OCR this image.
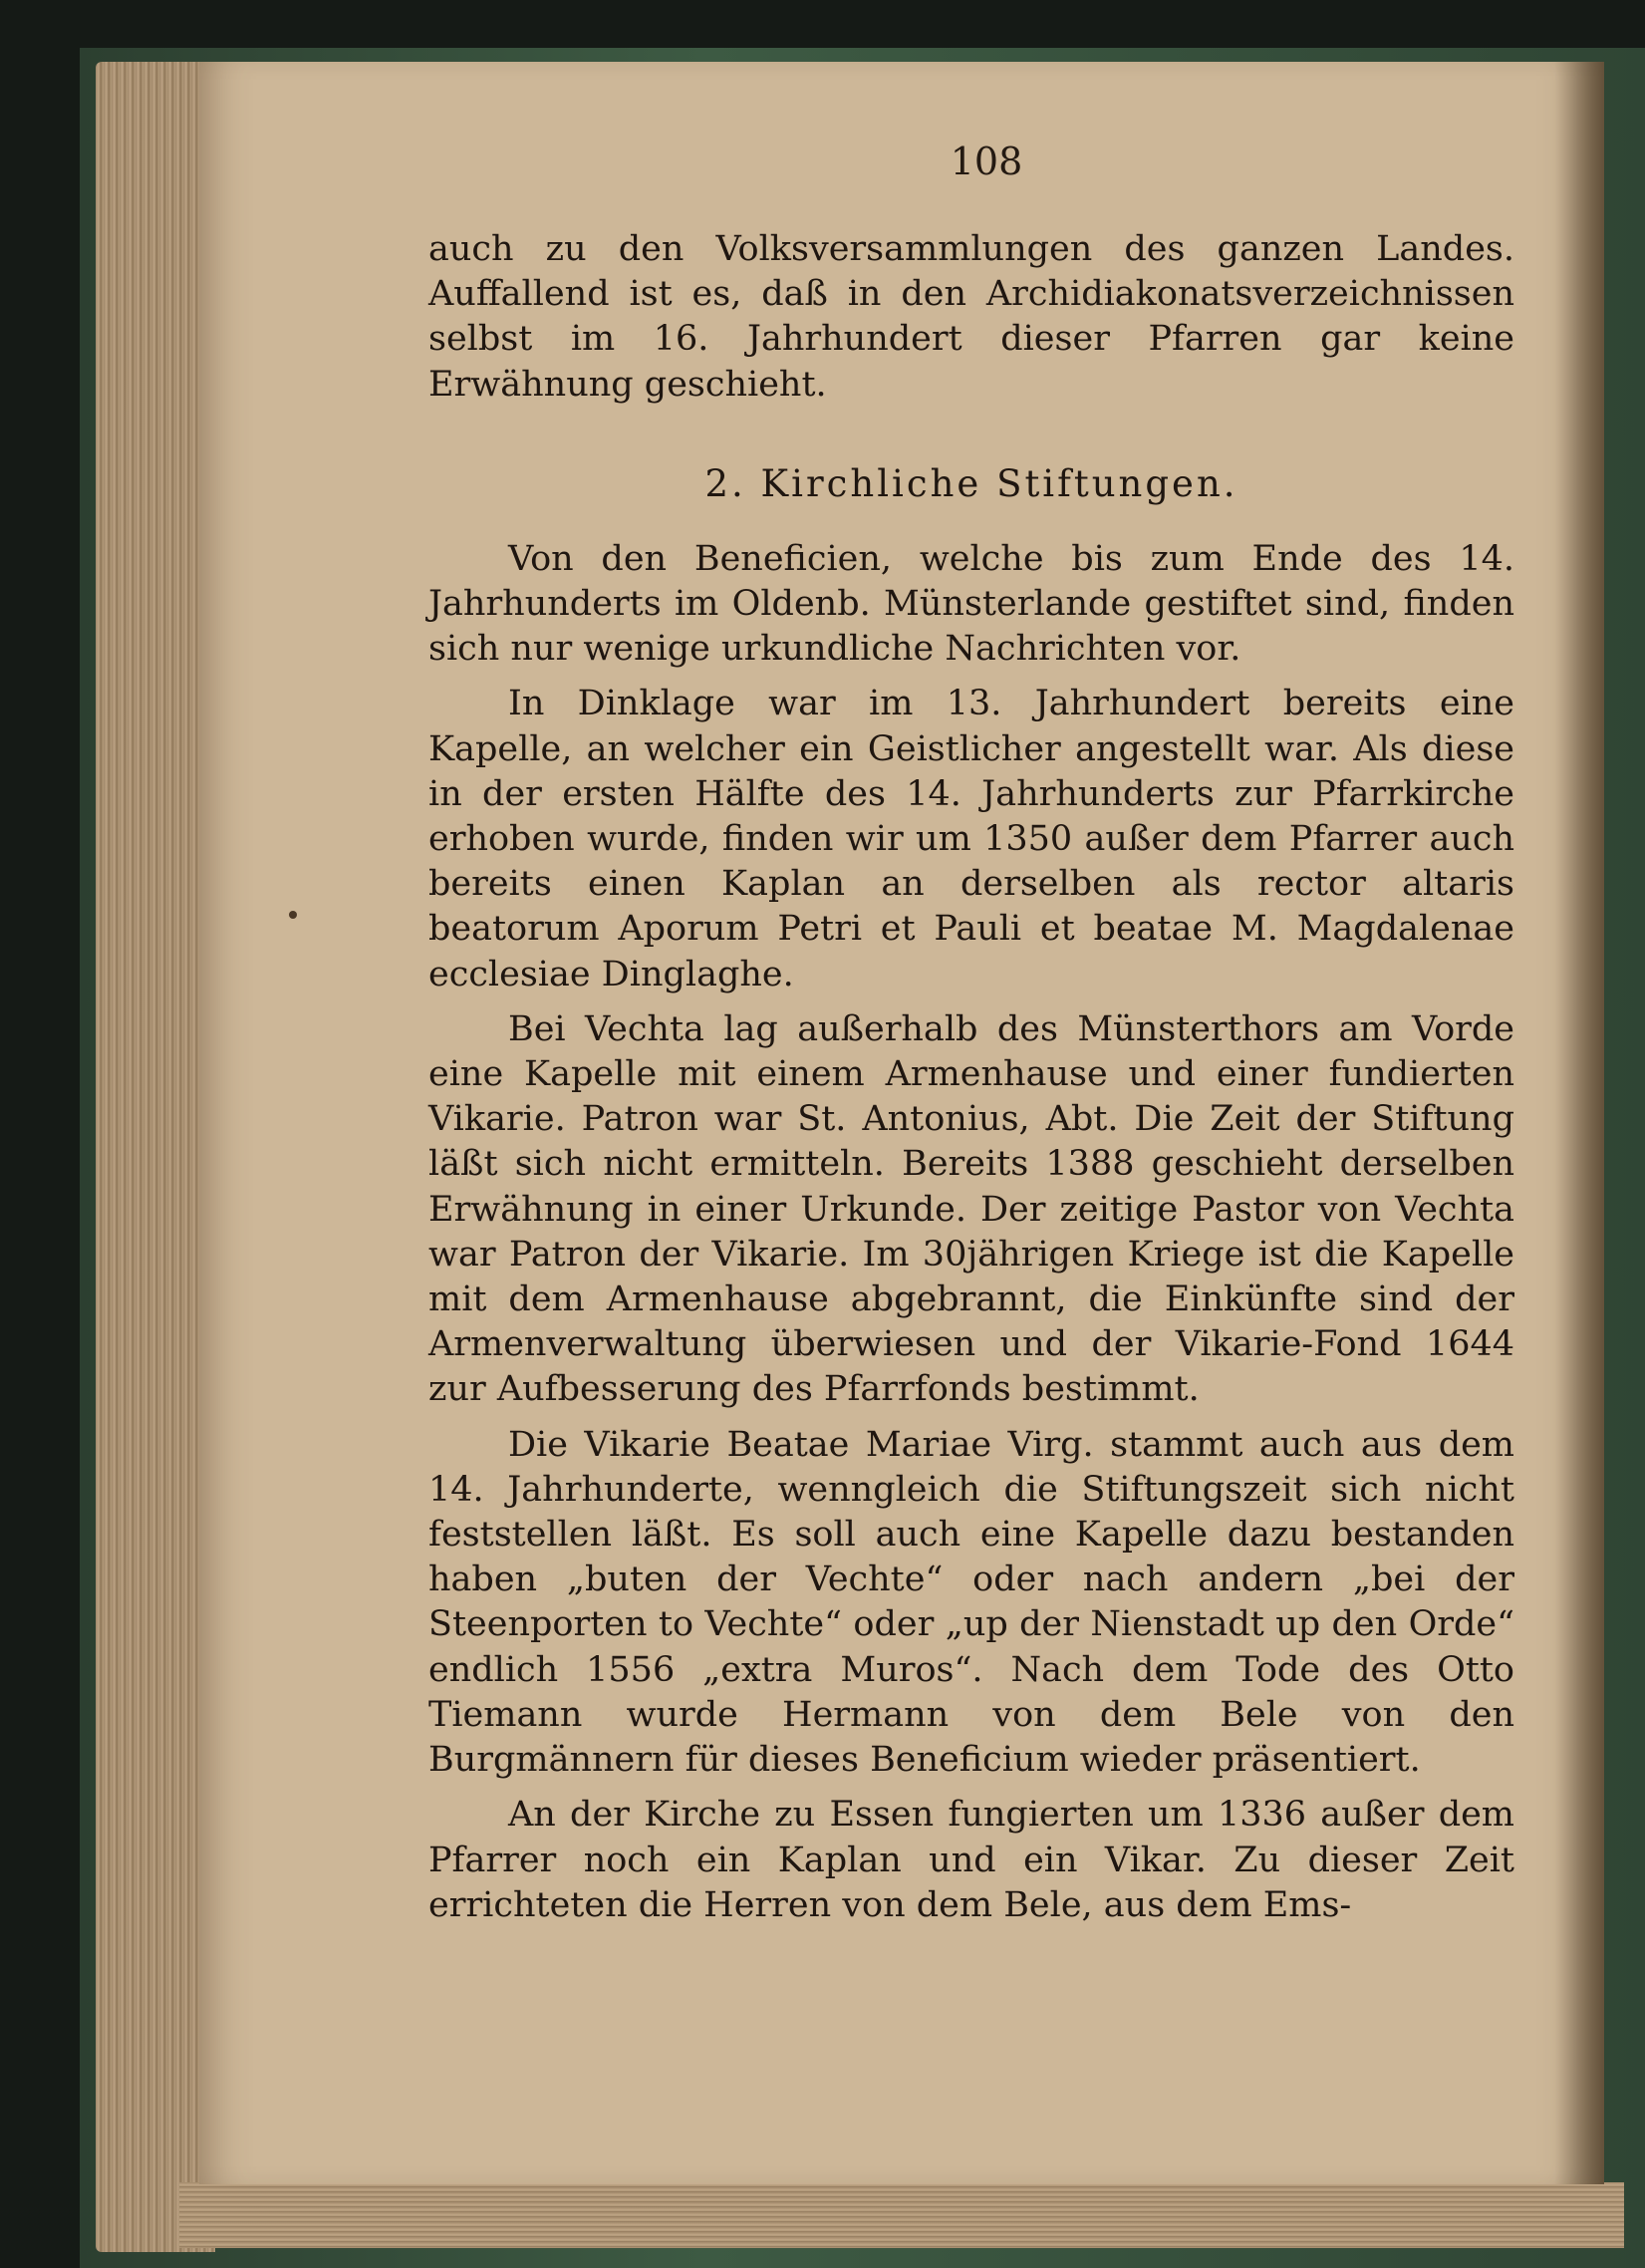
108

auch zu den Volksversammlungen des ganzen Landes. Auffallend ist es, daß in den Archidiakonatsverzeichnissen selbst im 16. Jahrhundert dieser Pfarren gar keine Erwähnung geschieht.

2. Kirchliche Stiftungen.

Von den Beneficien, welche bis zum Ende des 14. Jahrhunderts im Oldenb. Münsterlande gestiftet sind, finden sich nur wenige urkundliche Nachrichten vor.

In Dinklage war im 13. Jahrhundert bereits eine Kapelle, an welcher ein Geistlicher angestellt war. Als diese in der ersten Hälfte des 14. Jahrhunderts zur Pfarrkirche erhoben wurde, finden wir um 1350 außer dem Pfarrer auch bereits einen Kaplan an derselben als rector altaris beatorum Aporum Petri et Pauli et beatae M. Magdalenae ecclesiae Dinglaghe.

Bei Vechta lag außerhalb des Münsterthors am Vorde eine Kapelle mit einem Armenhause und einer fundierten Vikarie. Patron war St. Antonius, Abt. Die Zeit der Stiftung läßt sich nicht ermitteln. Bereits 1388 geschieht derselben Erwähnung in einer Urkunde. Der zeitige Pastor von Vechta war Patron der Vikarie. Im 30jährigen Kriege ist die Kapelle mit dem Armenhause abgebrannt, die Einkünfte sind der Armenverwaltung überwiesen und der Vikarie-Fond 1644 zur Aufbesserung des Pfarrfonds bestimmt.

Die Vikarie Beatae Mariae Virg. stammt auch aus dem 14. Jahrhunderte, wenngleich die Stiftungszeit sich nicht feststellen läßt. Es soll auch eine Kapelle dazu bestanden haben „buten der Vechte“ oder nach andern „bei der Steenporten to Vechte“ oder „up der Nienstadt up den Orde“ endlich 1556 „extra Muros“. Nach dem Tode des Otto Tiemann wurde Hermann von dem Bele von den Burgmännern für dieses Beneficium wieder präsentiert.

An der Kirche zu Essen fungierten um 1336 außer dem Pfarrer noch ein Kaplan und ein Vikar. Zu dieser Zeit errichteten die Herren von dem Bele, aus dem Ems-
